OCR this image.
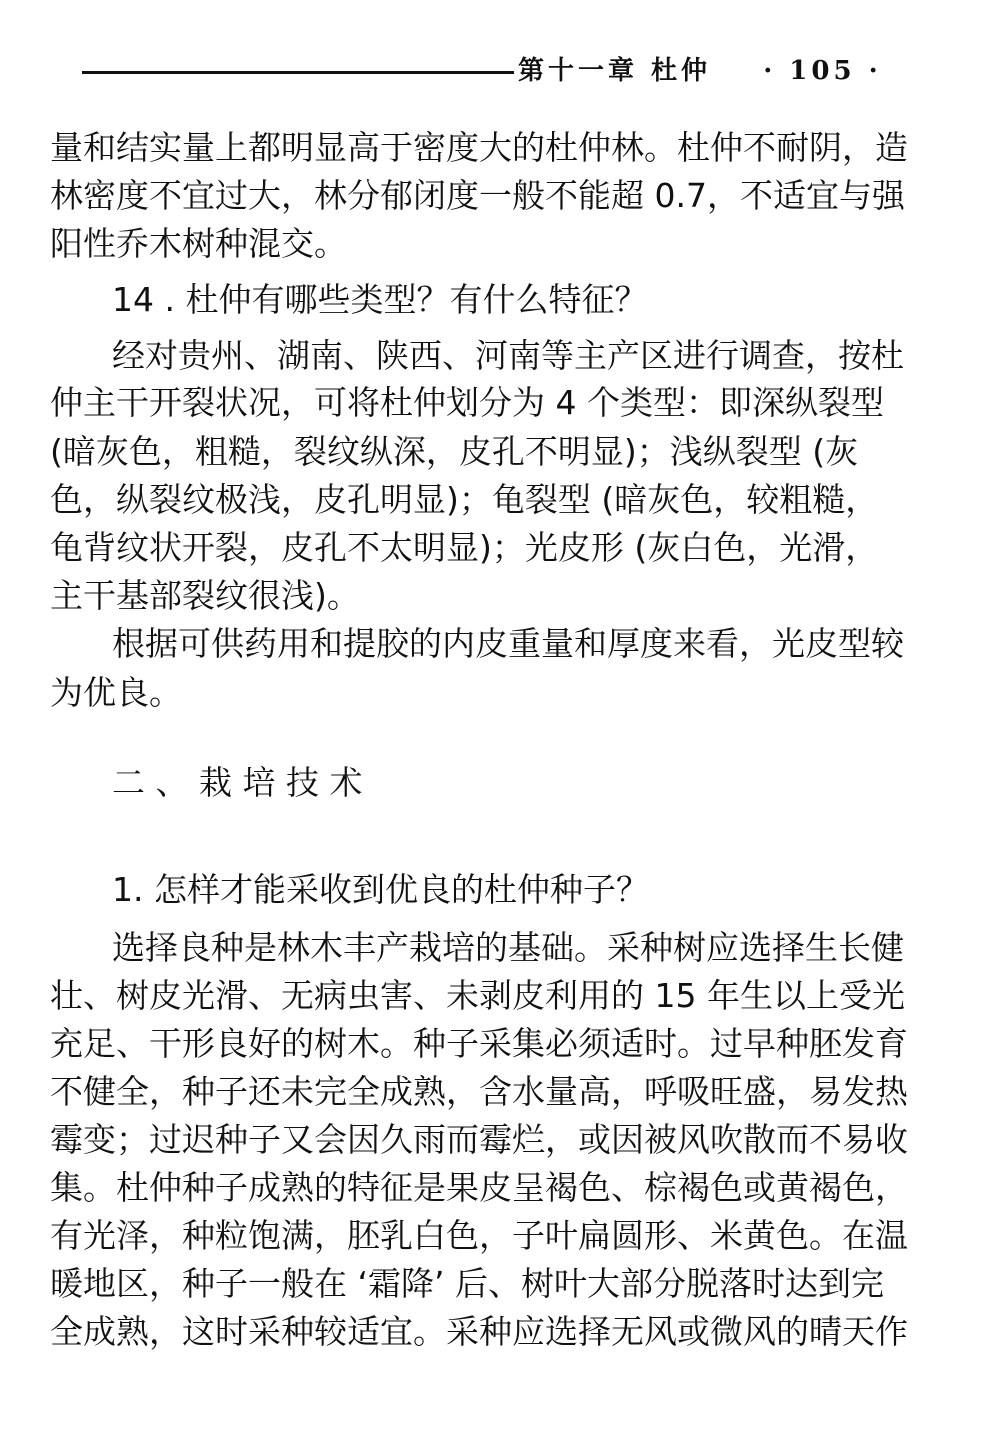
第十一章 杜仲 · 105 ·
量和结实量上都明显高于密度大的杜仲林。杜仲不耐阴，造
林密度不宜过大，林分郁闭度一般不能超 0.7，不适宜与强
阳性乔木树种混交。
14 . 杜仲有哪些类型？有什么特征？
经对贵州、湖南、陕西、河南等主产区进行调查，按杜
仲主干开裂状况，可将杜仲划分为 4 个类型：即深纵裂型
(暗灰色，粗糙，裂纹纵深，皮孔不明显)；浅纵裂型 (灰
色，纵裂纹极浅，皮孔明显)；龟裂型 (暗灰色，较粗糙，
龟背纹状开裂，皮孔不太明显)；光皮形 (灰白色，光滑，
主干基部裂纹很浅)。
根据可供药用和提胶的内皮重量和厚度来看，光皮型较
为优良。
二 、 栽 培 技 术
1. 怎样才能采收到优良的杜仲种子？
选择良种是林木丰产栽培的基础。采种树应选择生长健
壮、树皮光滑、无病虫害、未剥皮利用的 15 年生以上受光
充足、干形良好的树木。种子采集必须适时。过早种胚发育
不健全，种子还未完全成熟，含水量高，呼吸旺盛，易发热
霉变；过迟种子又会因久雨而霉烂，或因被风吹散而不易收
集。杜仲种子成熟的特征是果皮呈褐色、棕褐色或黄褐色，
有光泽，种粒饱满，胚乳白色，子叶扁圆形、米黄色。在温
暖地区，种子一般在 ‘霜降’ 后、树叶大部分脱落时达到完
全成熟，这时采种较适宜。采种应选择无风或微风的晴天作
